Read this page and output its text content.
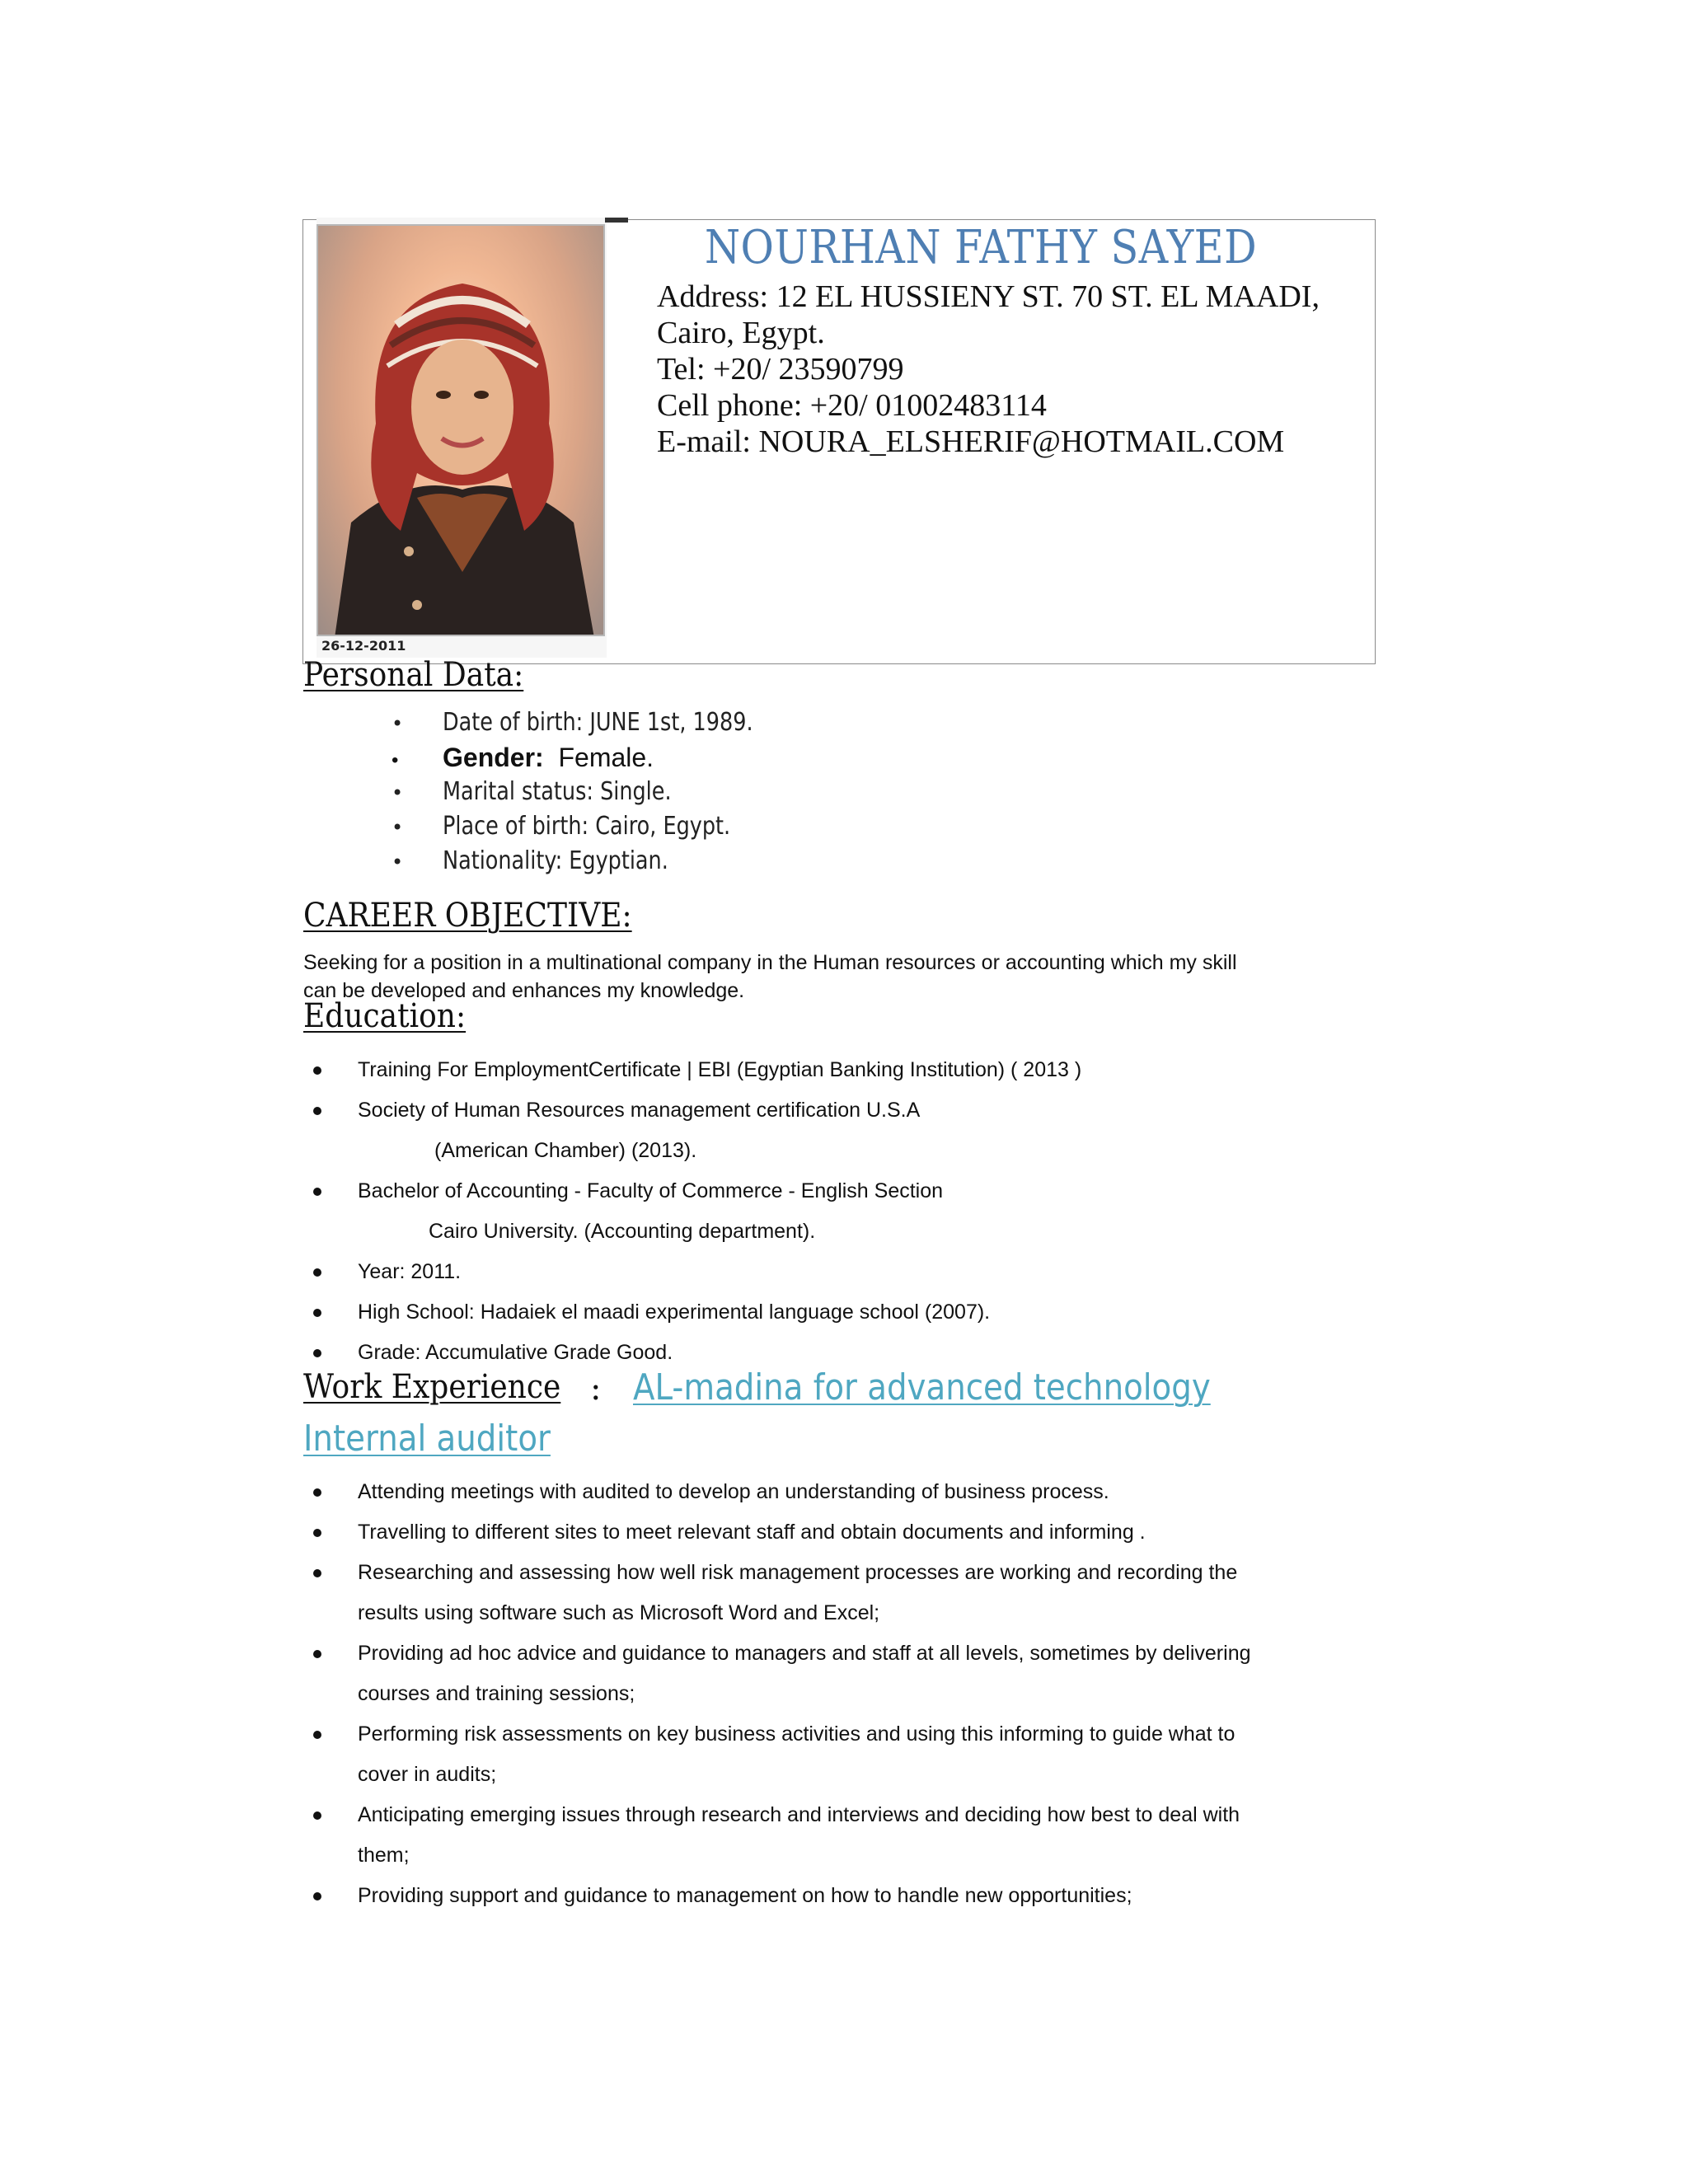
26-12-2011
NOURHAN FATHY SAYED
Address: 12 EL HUSSIENY ST. 70 ST. EL MAADI,
Cairo, Egypt.
Tel: +20/ 23590799
Cell phone: +20/ 01002483114
E-mail: NOURA_ELSHERIF@HOTMAIL.COM
Personal Data:
• Date of birth: JUNE 1st, 1989.
• Gender: Female.
• Marital status: Single.
• Place of birth: Cairo, Egypt.
• Nationality: Egyptian.
CAREER OBJECTIVE:
Seeking for a position in a multinational company in the Human resources or accounting which my skill
can be developed and enhances my knowledge.
Education:
Training For EmploymentCertificate | EBI (Egyptian Banking Institution) ( 2013 )
Society of Human Resources management certification U.S.A
(American Chamber) (2013).
Bachelor of Accounting - Faculty of Commerce - English Section
Cairo University. (Accounting department).
Year: 2011.
High School: Hadaiek el maadi experimental language school (2007).
Grade: Accumulative Grade Good.
Work Experience : AL-madina for advanced technology
Internal auditor
Attending meetings with audited to develop an understanding of business process.
Travelling to different sites to meet relevant staff and obtain documents and informing .
Researching and assessing how well risk management processes are working and recording the
results using software such as Microsoft Word and Excel;
Providing ad hoc advice and guidance to managers and staff at all levels, sometimes by delivering
courses and training sessions;
Performing risk assessments on key business activities and using this informing to guide what to
cover in audits;
Anticipating emerging issues through research and interviews and deciding how best to deal with
them;
Providing support and guidance to management on how to handle new opportunities;
